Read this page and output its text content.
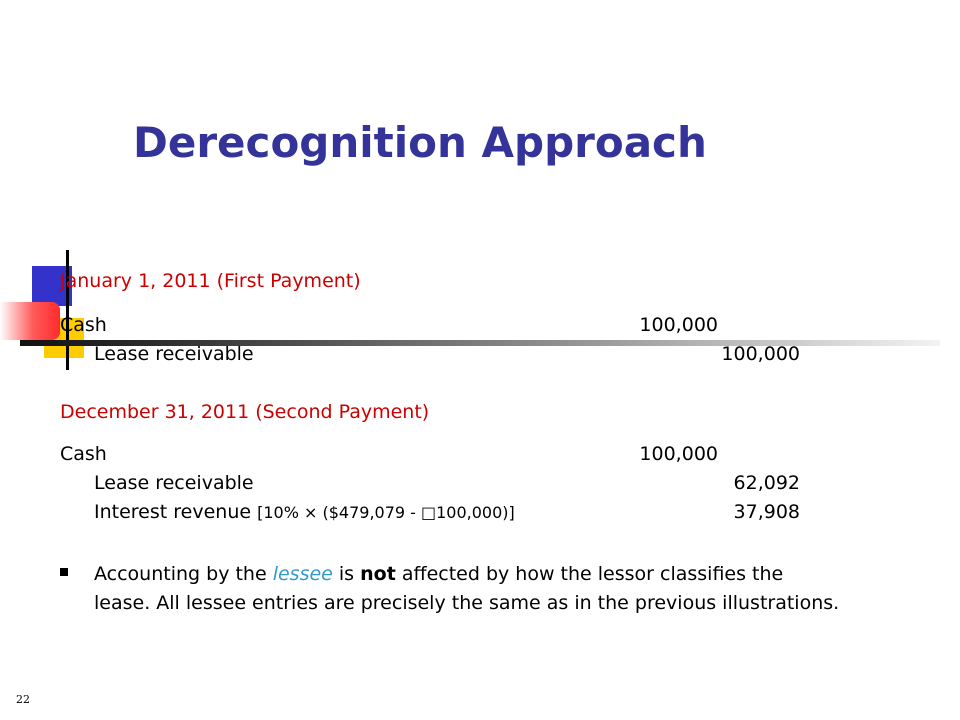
Derecognition Approach
January 1, 2011 (First Payment)
Cash	100,000
Lease receivable	100,000
December 31, 2011 (Second Payment)
Cash	100,000
Lease receivable	62,092
Interest revenue [10% × ($479,079 - □100,000)]	37,908
Accounting by the lessee is not affected by how the lessor classifies the
lease. All lessee entries are precisely the same as in the previous illustrations.
22
